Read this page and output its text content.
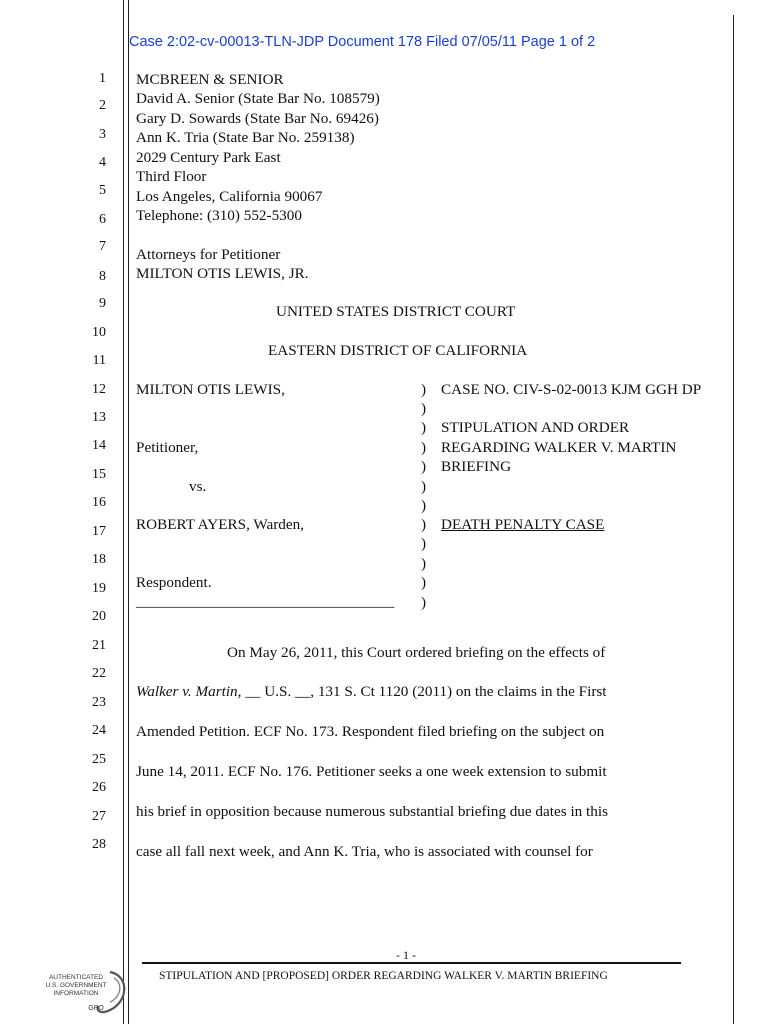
Case 2:02-cv-00013-TLN-JDP Document 178 Filed 07/05/11 Page 1 of 2
1
2
3
4
5
6
7
8
9
10
11
12
13
14
15
16
17
18
19
20
21
22
23
24
25
26
27
28
MCBREEN & SENIOR
David A. Senior (State Bar No. 108579)
Gary D. Sowards (State Bar No. 69426)
Ann K. Tria (State Bar No. 259138)
2029 Century Park East
Third Floor
Los Angeles, California 90067
Telephone: (310) 552-5300
Attorneys for Petitioner
MILTON OTIS LEWIS, JR.
UNITED STATES DISTRICT COURT
EASTERN DISTRICT OF CALIFORNIA
MILTON OTIS LEWIS,
Petitioner,
vs.
ROBERT AYERS, Warden,
Respondent.
__________________________________
)
)
)
)
)
)
)
)
)
)
)
)
CASE NO. CIV-S-02-0013 KJM GGH DP
STIPULATION AND ORDER
REGARDING WALKER V. MARTIN
BRIEFING
DEATH PENALTY CASE
On May 26, 2011, this Court ordered briefing on the effects of
Walker v. Martin, __ U.S. __, 131 S. Ct 1120 (2011) on the claims in the First
Amended Petition. ECF No. 173. Respondent filed briefing on the subject on
June 14, 2011. ECF No. 176. Petitioner seeks a one week extension to submit
his brief in opposition because numerous substantial briefing due dates in this
case all fall next week, and Ann K. Tria, who is associated with counsel for
- 1 -
STIPULATION AND [PROPOSED] ORDER REGARDING WALKER V. MARTIN BRIEFING
AUTHENTICATED
U.S. GOVERNMENT
INFORMATION
GPO
